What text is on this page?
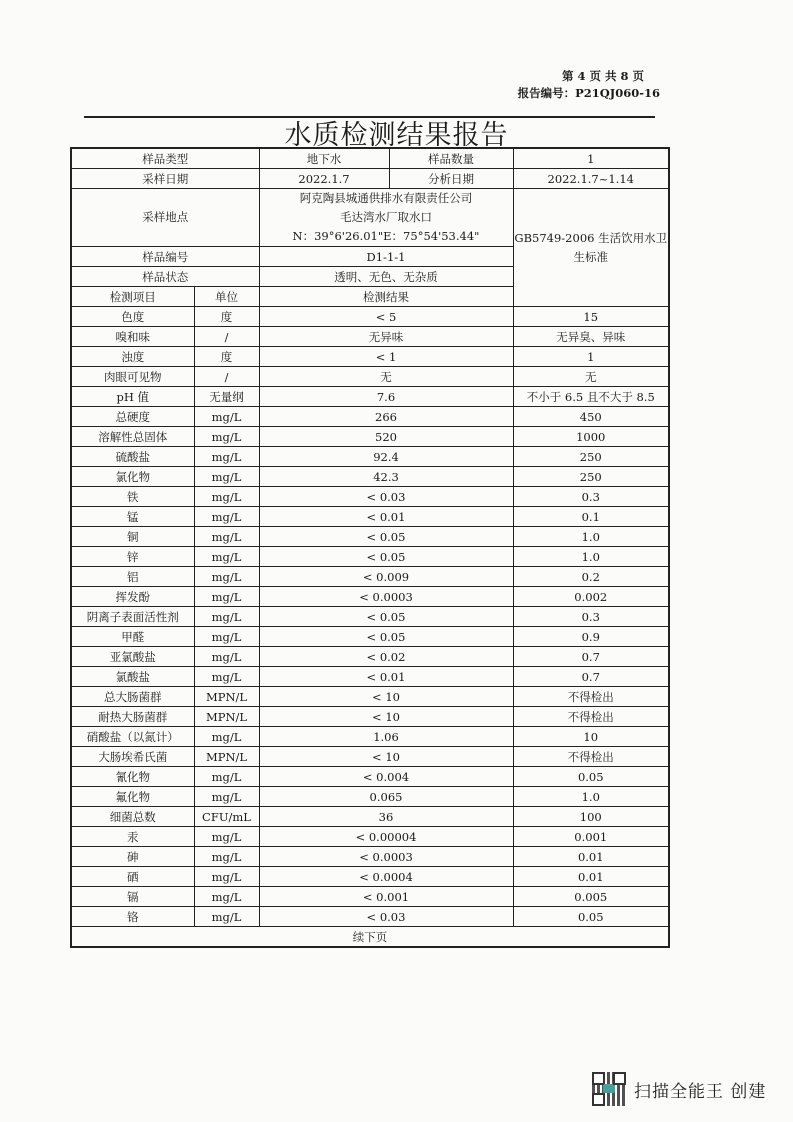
第 4 页 共 8 页
报告编号：P21QJ060-16
水质检测结果报告
样品类型		地下水	样品数量	1
采样日期		2022.1.7	分析日期	2022.1.7~1.14
采样地点		阿克陶县城通供排水有限责任公司
毛达湾水厂取水口
N：39°6'26.01"E：75°54'53.44"		GB5749-2006 生活饮用水卫生标准
样品编号		D1-1-1		
样品状态		透明、无色、无杂质		
检测项目	单位	检测结果		
色度	度	< 5		15
嗅和味	/	无异味		无异臭、异味
浊度	度	< 1		1
肉眼可见物	/	无		无
pH 值	无量纲	7.6		不小于 6.5 且不大于 8.5
总硬度	mg/L	266		450
溶解性总固体	mg/L	520		1000
硫酸盐	mg/L	92.4		250
氯化物	mg/L	42.3		250
铁	mg/L	< 0.03		0.3
锰	mg/L	< 0.01		0.1
铜	mg/L	< 0.05		1.0
锌	mg/L	< 0.05		1.0
铝	mg/L	< 0.009		0.2
挥发酚	mg/L	< 0.0003		0.002
阴离子表面活性剂	mg/L	< 0.05		0.3
甲醛	mg/L	< 0.05		0.9
亚氯酸盐	mg/L	< 0.02		0.7
氯酸盐	mg/L	< 0.01		0.7
总大肠菌群	MPN/L	< 10		不得检出
耐热大肠菌群	MPN/L	< 10		不得检出
硝酸盐（以氮计）	mg/L	1.06		10
大肠埃希氏菌	MPN/L	< 10		不得检出
氰化物	mg/L	< 0.004		0.05
氟化物	mg/L	0.065		1.0
细菌总数	CFU/mL	36		100
汞	mg/L	< 0.00004		0.001
砷	mg/L	< 0.0003		0.01
硒	mg/L	< 0.0004		0.01
镉	mg/L	< 0.001		0.005
铬	mg/L	< 0.03		0.05
续下页				
扫描全能王 创建
